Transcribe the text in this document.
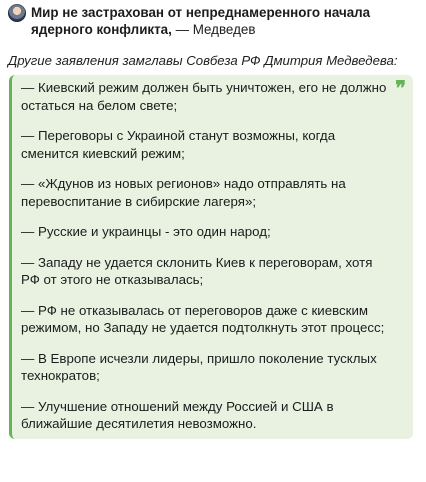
Мир не застрахован от непреднамеренного начала ядерного конфликта, — Медведев
Другие заявления замглавы Совбеза РФ Дмитрия Медведева:
❞

— Киевский режим должен быть уничтожен, его не должно остаться на белом свете;

— Переговоры с Украиной станут возможны, когда сменится киевский режим;

— «Ждунов из новых регионов» надо отправлять на перевоспитание в сибирские лагеря»;

— Русские и украинцы - это один народ;

— Западу не удается склонить Киев к переговорам, хотя РФ от этого не отказывалась;

— РФ не отказывалась от переговоров даже с киевским режимом, но Западу не удается подтолкнуть этот процесс;

— В Европе исчезли лидеры, пришло поколение тусклых технократов;

— Улучшение отношений между Россией и США в ближайшие десятилетия невозможно.
